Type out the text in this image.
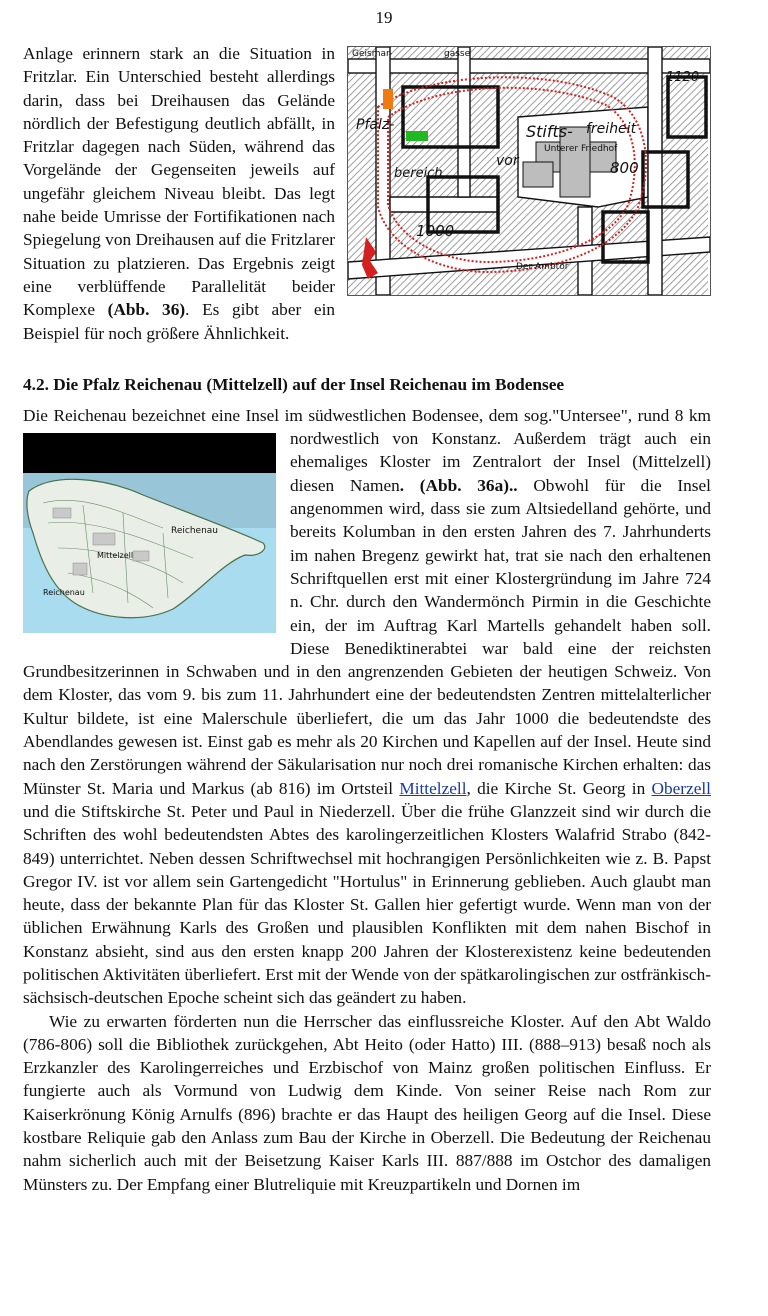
19
Geismar-	gasse
Pfalz-
bereich
Stifts- freiheit
vor	800
1000
1120
Unterer Friedhof
Der Ambtor

Anlage erinnern stark an die Situation in Fritzlar. Ein Unterschied besteht allerdings darin, dass bei Dreihausen das Gelände nördlich der Befestigung deutlich abfällt, in Fritzlar dagegen nach Süden, während das Vorgelände der Gegenseiten jeweils auf ungefähr gleichem Niveau bleibt. Das legt nahe beide Umrisse der Fortifikationen nach Spiegelung von Dreihausen auf die Fritzlarer Situation zu platzieren. Das Ergebnis zeigt eine verblüffende Parallelität beider Komplexe (Abb. 36). Es gibt aber ein Beispiel für noch größere Ähnlichkeit.

4.2. Die Pfalz Reichenau (Mittelzell) auf der Insel Reichenau im Bodensee

Die Reichenau bezeichnet eine Insel im südwestlichen Bodensee, dem sog."Untersee", rund 8 km nordwestlich von Konstanz. Außerdem trägt auch ein
Reichenau
Mittelzell
Reichenau
ehemaliges Kloster im Zentralort der Insel (Mittelzell) diesen Namen. (Abb. 36a).. Obwohl für die Insel angenommen wird, dass sie zum Altsiedelland gehörte, und bereits Kolumban in den ersten Jahren des 7. Jahrhunderts im nahen Bregenz gewirkt hat, trat sie nach den erhaltenen Schriftquellen erst mit einer Klostergründung im Jahre 724 n. Chr. durch den Wandermönch Pirmin in die Geschichte ein, der im Auftrag Karl Martells gehandelt haben soll. Diese Benediktinerabtei war bald eine der reichsten Grundbesitzerinnen in Schwaben und in den angrenzenden Gebieten der heutigen Schweiz. Von dem Kloster, das vom 9. bis zum 11. Jahrhundert eine der bedeutendsten Zentren mittelalterlicher Kultur bildete, ist eine Malerschule überliefert, die um das Jahr 1000 die bedeutendste des Abendlandes gewesen ist. Einst gab es mehr als 20 Kirchen und Kapellen auf der Insel. Heute sind nach den Zerstörungen während der Säkularisation nur noch drei romanische Kirchen erhalten: das Münster St. Maria und Markus (ab 816) im Ortsteil Mittelzell, die Kirche St. Georg in Oberzell und die Stiftskirche St. Peter und Paul in Niederzell. Über die frühe Glanzzeit sind wir durch die Schriften des wohl bedeutendsten Abtes des karolingerzeitlichen Klosters Walafrid Strabo (842-849) unterrichtet. Neben dessen Schriftwechsel mit hochrangigen Persönlichkeiten wie z. B. Papst Gregor IV. ist vor allem sein Gartengedicht "Hortulus" in Erinnerung geblieben. Auch glaubt man heute, dass der bekannte Plan für das Kloster St. Gallen hier gefertigt wurde. Wenn man von der üblichen Erwähnung Karls des Großen und plausiblen Konflikten mit dem nahen Bischof in Konstanz absieht, sind aus den ersten knapp 200 Jahren der Klosterexistenz keine bedeutenden politischen Aktivitäten überliefert. Erst mit der Wende von der spätkarolingischen zur ostfränkisch-sächsisch-deutschen Epoche scheint sich das geändert zu haben.

Wie zu erwarten förderten nun die Herrscher das einflussreiche Kloster. Auf den Abt Waldo (786-806) soll die Bibliothek zurückgehen, Abt Heito (oder Hatto) III. (888–913) besaß noch als Erzkanzler des Karolingerreiches und Erzbischof von Mainz großen politischen Einfluss. Er fungierte auch als Vormund von Ludwig dem Kinde. Von seiner Reise nach Rom zur Kaiserkrönung König Arnulfs (896) brachte er das Haupt des heiligen Georg auf die Insel. Diese kostbare Reliquie gab den Anlass zum Bau der Kirche in Oberzell. Die Bedeutung der Reichenau nahm sicherlich auch mit der Beisetzung Kaiser Karls III. 887/888 im Ostchor des damaligen Münsters zu. Der Empfang einer Blutreliquie mit Kreuzpartikeln und Dornen im
